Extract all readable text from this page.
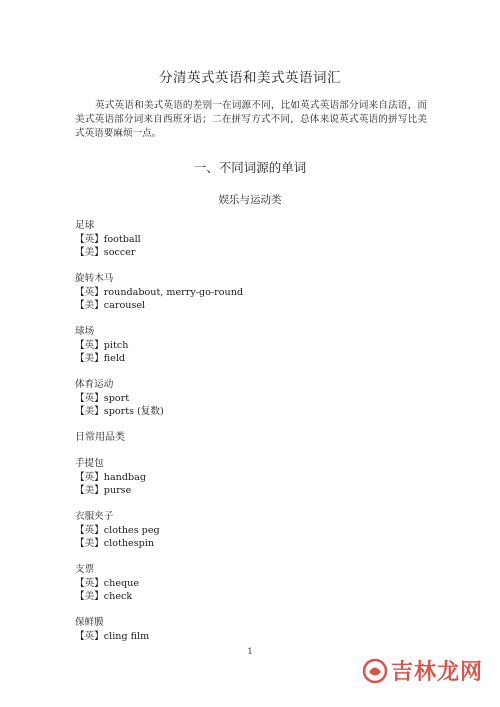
分清英式英语和美式英语词汇
英式英语和美式英语的差别一在词源不同，比如英式英语部分词来自法语，而美式英语部分词来自西班牙语；二在拼写方式不同，总体来说英式英语的拼写比美式英语要麻烦一点。
一、不同词源的单词
娱乐与运动类
足球
【英】football
【美】soccer
旋转木马
【英】roundabout, merry-go-round
【美】carousel
球场
【英】pitch
【美】field
体育运动
【英】sport
【美】sports (复数)
日常用品类
手提包
【英】handbag
【美】purse
衣服夹子
【英】clothes peg
【美】clothespin
支票
【英】cheque
【美】check
保鲜膜
【英】cling film
1
吉林龙网
